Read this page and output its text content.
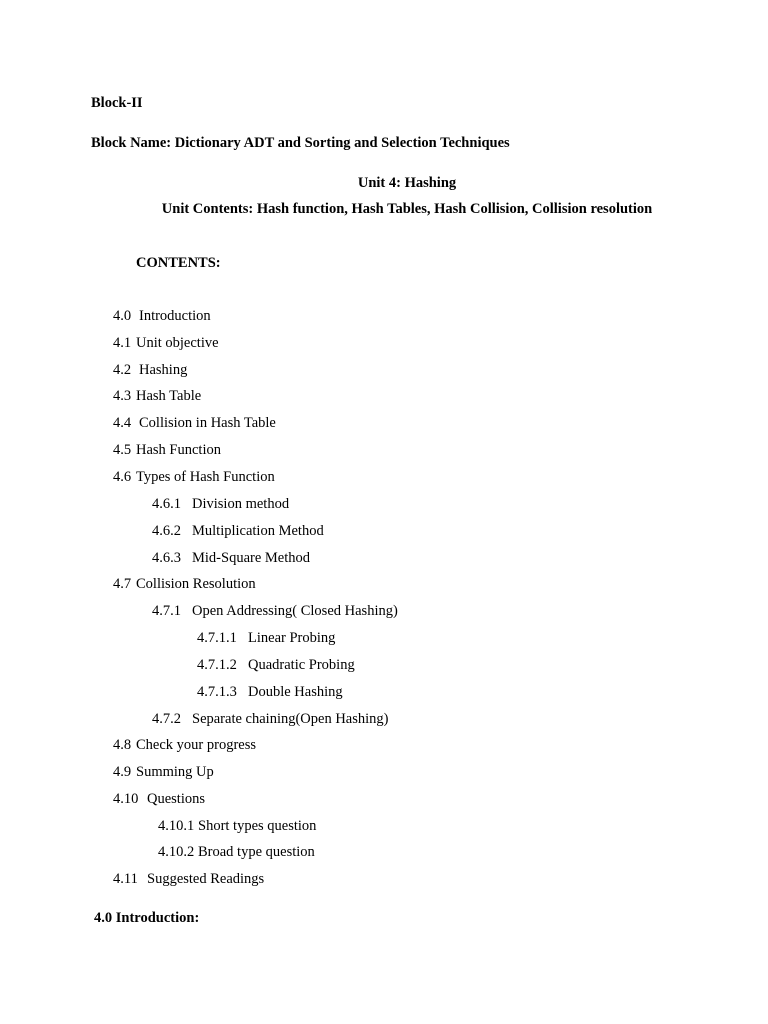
Block-II
Block Name: Dictionary ADT and Sorting and Selection Techniques
Unit 4: Hashing
Unit Contents: Hash function, Hash Tables, Hash Collision, Collision resolution
CONTENTS:
4.0 Introduction
4.1 Unit objective
4.2 Hashing
4.3 Hash Table
4.4 Collision in Hash Table
4.5 Hash Function
4.6 Types of Hash Function
4.6.1 Division method
4.6.2 Multiplication Method
4.6.3 Mid-Square Method
4.7 Collision Resolution
4.7.1 Open Addressing( Closed Hashing)
4.7.1.1 Linear Probing
4.7.1.2 Quadratic Probing
4.7.1.3 Double Hashing
4.7.2 Separate chaining(Open Hashing)
4.8 Check your progress
4.9 Summing Up
4.10 Questions
4.10.1 Short types question
4.10.2 Broad type question
4.11 Suggested Readings
4.0 Introduction:
